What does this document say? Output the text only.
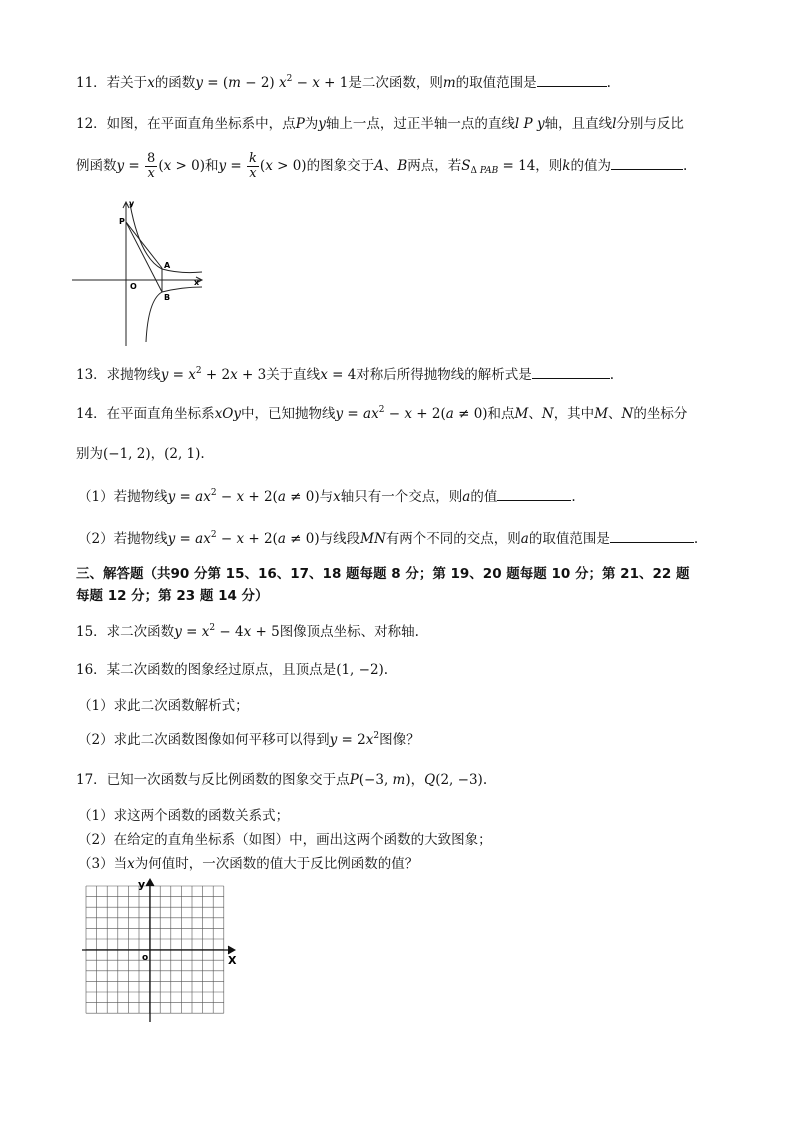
11．若关于x的函数y = (m − 2) $x^2 - x + 1$是二次函数，则m的取值范围是	.
12．如图，在平面直角坐标系中，点P为y轴上一点，过正半轴一点的直线l P y轴，且直线l分别与反比
例函数$y = \frac{8}{x} (x > 0)$和$y = \frac{k}{x} (x > 0)$的图象交于A、B两点，若$S_{\Delta PAB} = 14$，则k的值为	.
P
y
A
O	x
B
13．求抛物线$y = x^2 + 2x + 3$关于直线x = 4对称后所得抛物线的解析式是	.
14．在平面直角坐标系xOy中，已知抛物线$y = ax^2 - x + 2(a \ne 0)$和点M、N，其中M、N的坐标分
别为(−1, 2)，(2, 1).
（1）若抛物线$y = ax^2 - x + 2(a \ne 0)$与x轴只有一个交点，则a的值	.
（2）若抛物线$y = ax^2 - x + 2(a \ne 0)$与线段MN有两个不同的交点，则a的取值范围是	.
三、解答题（共90 分第 15、16、17、18 题每题 8 分；第 19、20 题每题 10 分；第 21、22 题
每题 12 分；第 23 题 14 分）
15．求二次函数$y = x^2 - 4x + 5$图像顶点坐标、对称轴.
16．某二次函数的图象经过原点，且顶点是(1, −2).
（1）求此二次函数解析式；
（2）求此二次函数图像如何平移可以得到$y = 2x^2$图像？
17．已知一次函数与反比例函数的图象交于点P(−3, m)，Q(2, −3).
（1）求这两个函数的函数关系式；
（2）在给定的直角坐标系（如图）中，画出这两个函数的大致图象；
（3）当x为何值时，一次函数的值大于反比例函数的值？
y
X
o
